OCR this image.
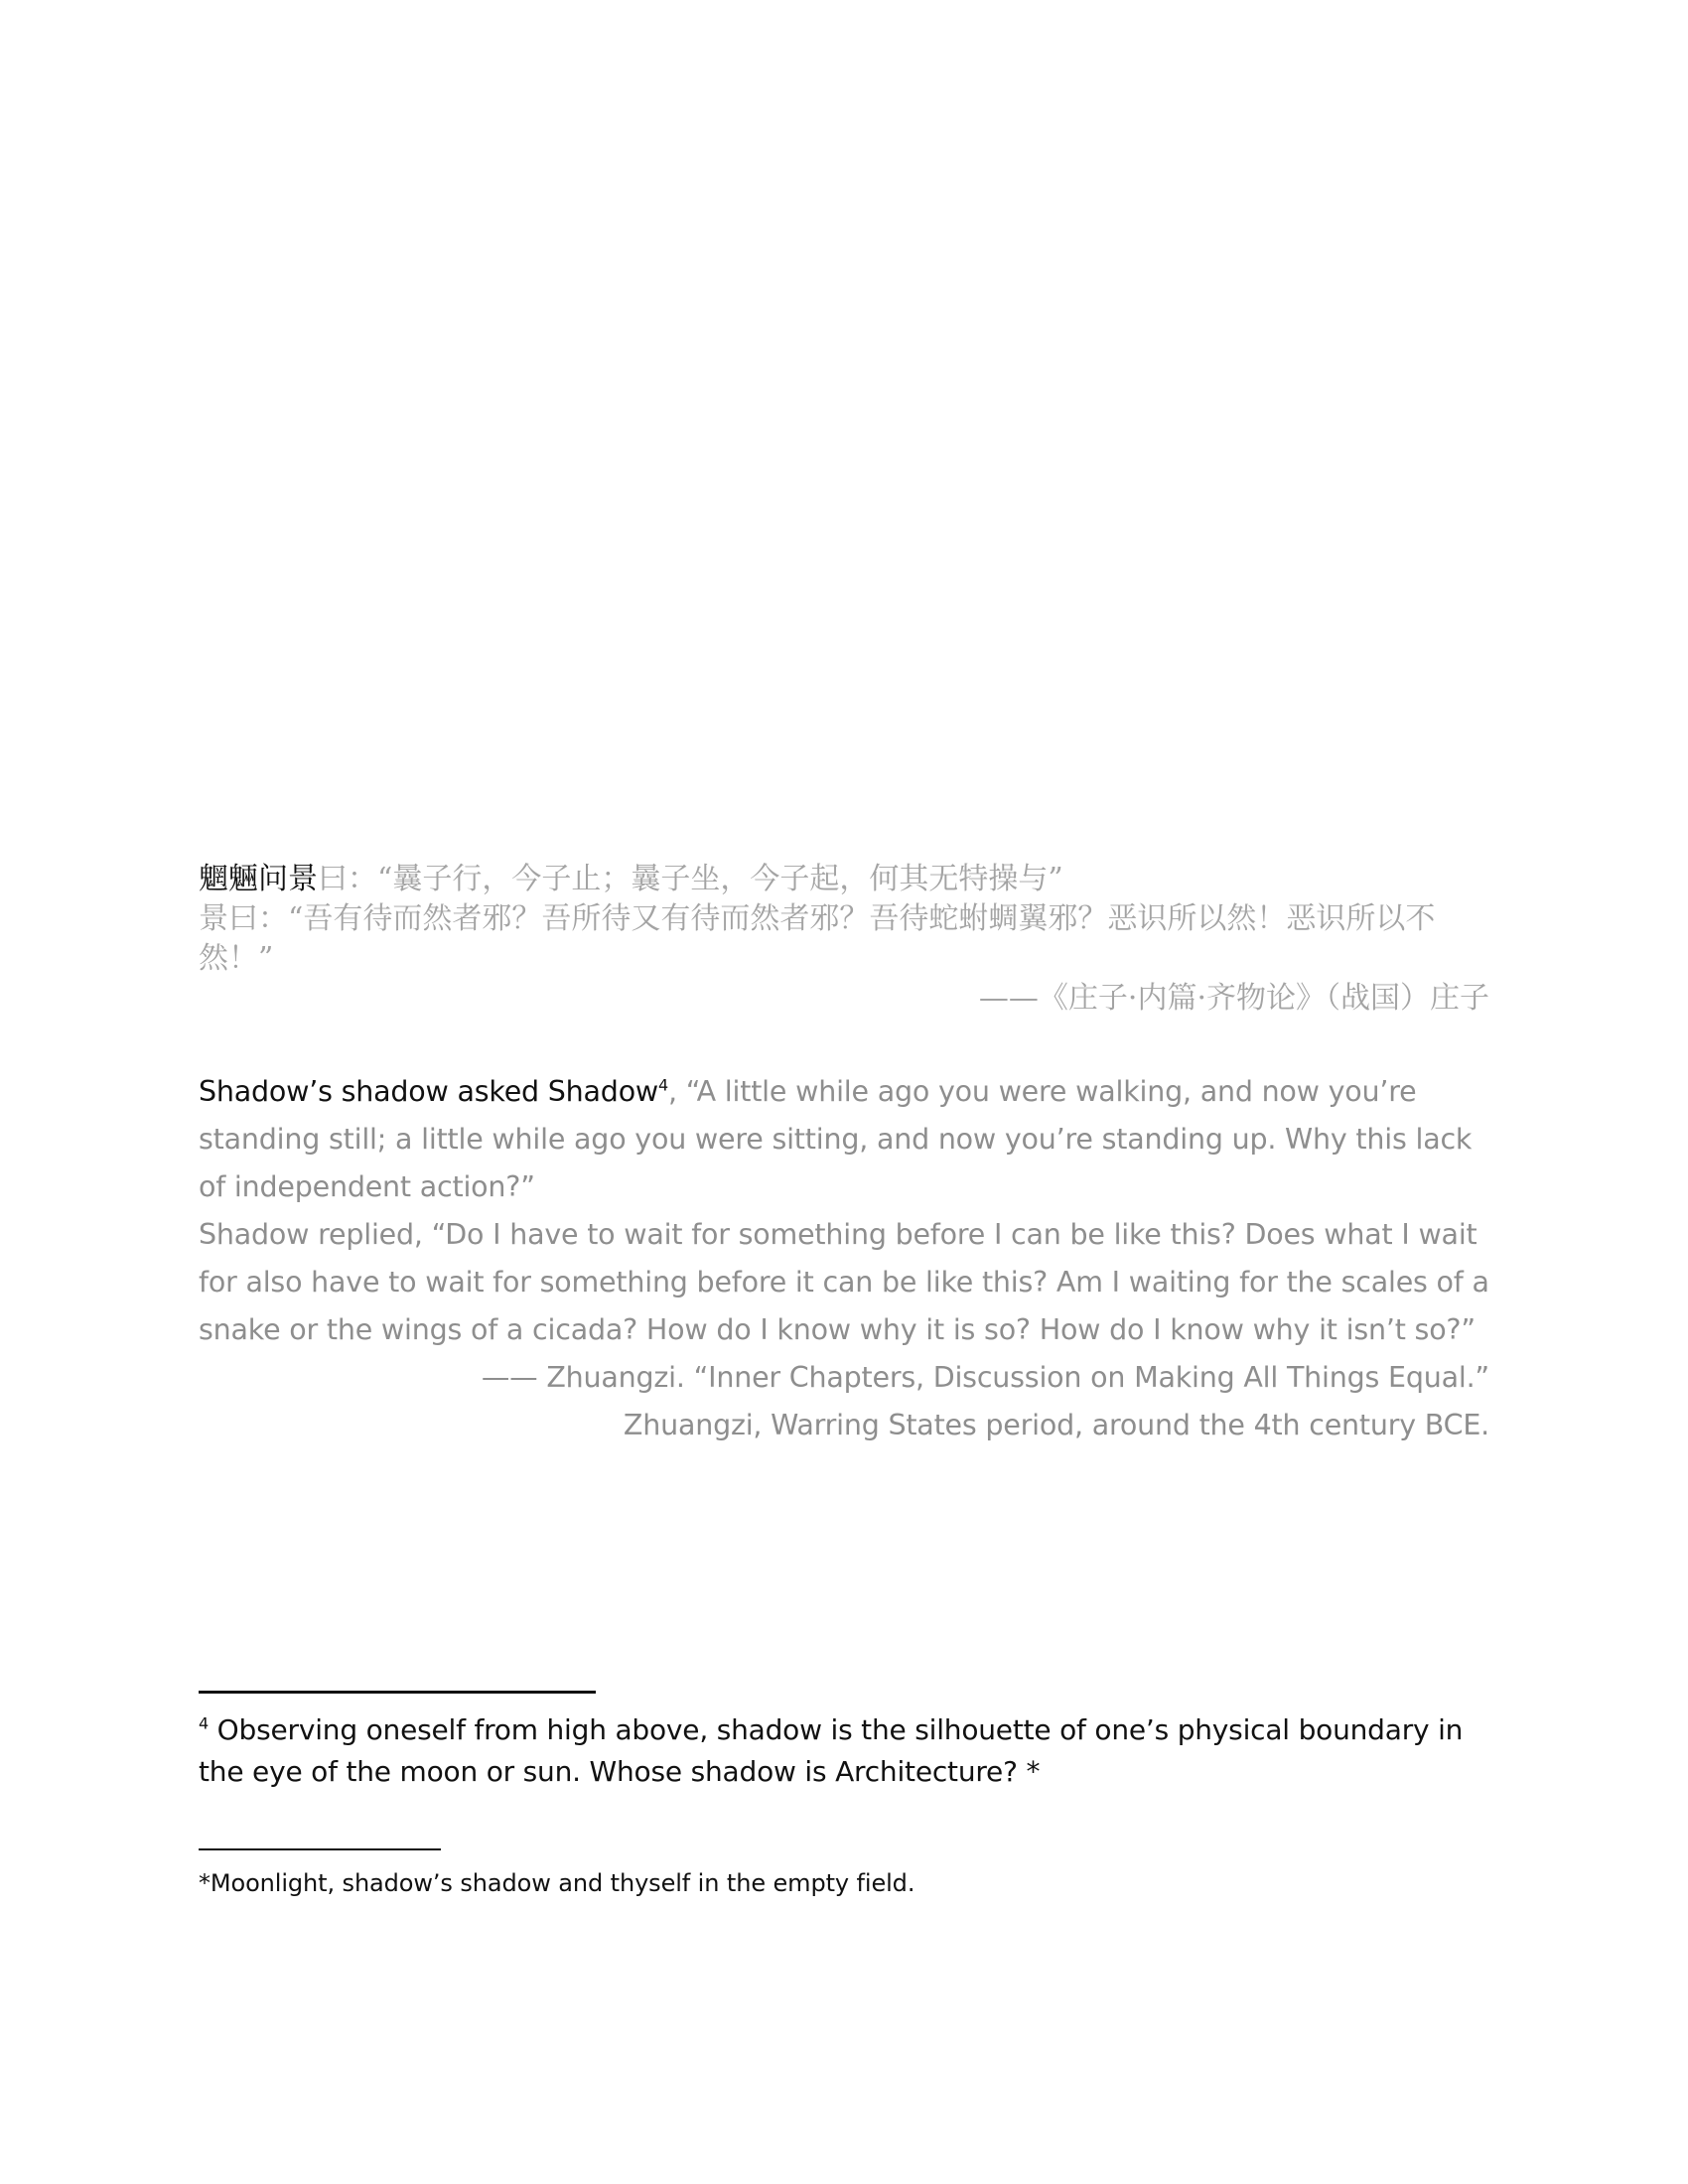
魍魎问景曰：“曩子行，今子止；曩子坐，今子起，何其无特操与”
景曰：“吾有待而然者邪？吾所待又有待而然者邪？吾待蛇蚹蜩翼邪？恶识所以然！恶识所以不然！”
——《庄子·内篇·齐物论》（战国）庄子
Shadow’s shadow asked Shadow$^4$, “A little while ago you were walking, and now you’re standing still; a little while ago you were sitting, and now you’re standing up. Why this lack of independent action?”
Shadow replied, “Do I have to wait for something before I can be like this? Does what I wait for also have to wait for something before it can be like this? Am I waiting for the scales of a snake or the wings of a cicada? How do I know why it is so? How do I know why it isn’t so?”
—— Zhuangzi. “Inner Chapters, Discussion on Making All Things Equal.”
Zhuangzi, Warring States period, around the 4th century BCE.
$^4$ Observing oneself from high above, shadow is the silhouette of one’s physical boundary in the eye of the moon or sun. Whose shadow is Architecture? *
*Moonlight, shadow’s shadow and thyself in the empty field.
